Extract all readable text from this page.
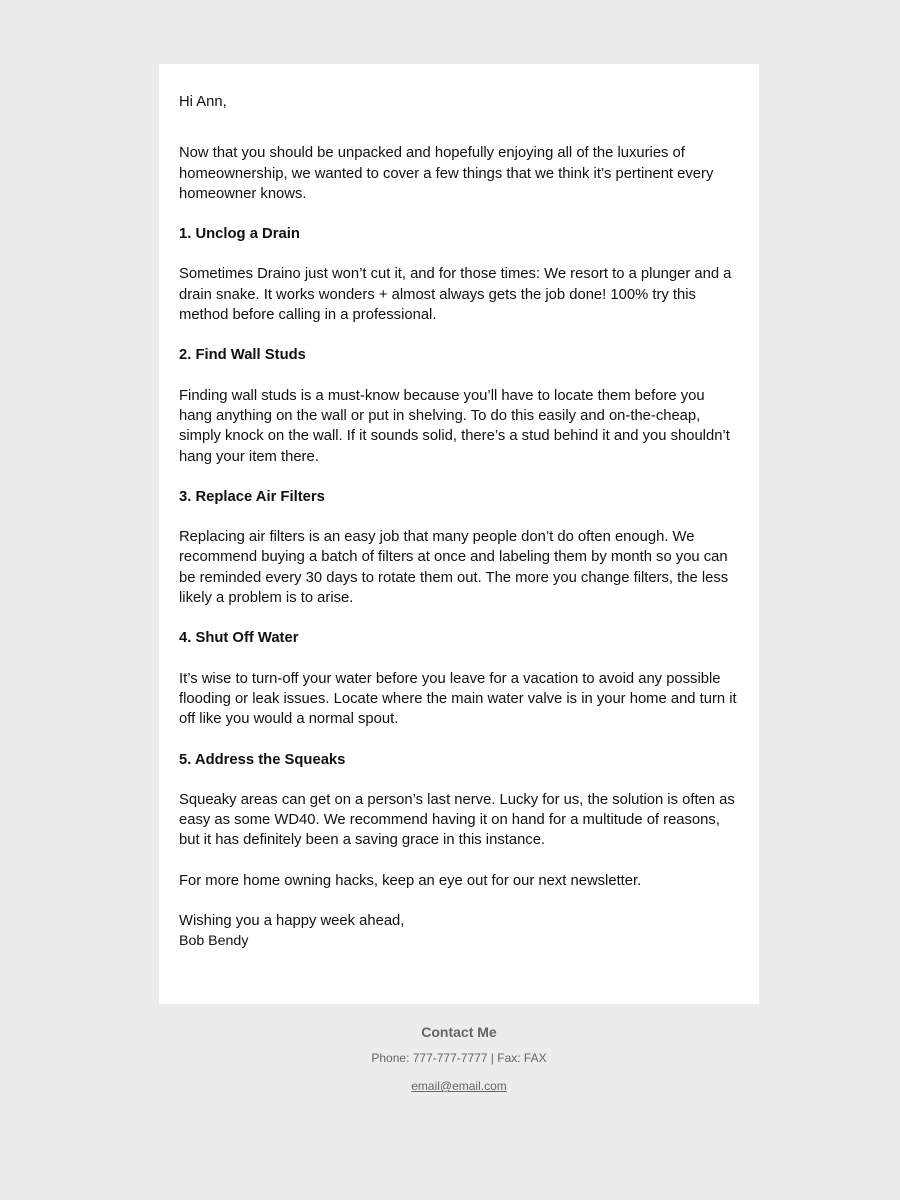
Hi Ann,

Now that you should be unpacked and hopefully enjoying all of the luxuries of homeownership, we wanted to cover a few things that we think it’s pertinent every homeowner knows.

1. Unclog a Drain

Sometimes Draino just won’t cut it, and for those times: We resort to a plunger and a drain snake. It works wonders + almost always gets the job done! 100% try this method before calling in a professional.

2. Find Wall Studs

Finding wall studs is a must-know because you’ll have to locate them before you hang anything on the wall or put in shelving. To do this easily and on-the-cheap, simply knock on the wall. If it sounds solid, there’s a stud behind it and you shouldn’t hang your item there.

3. Replace Air Filters

Replacing air filters is an easy job that many people don’t do often enough. We recommend buying a batch of filters at once and labeling them by month so you can be reminded every 30 days to rotate them out. The more you change filters, the less likely a problem is to arise.

4. Shut Off Water

It’s wise to turn-off your water before you leave for a vacation to avoid any possible flooding or leak issues. Locate where the main water valve is in your home and turn it off like you would a normal spout.

5. Address the Squeaks

Squeaky areas can get on a person’s last nerve. Lucky for us, the solution is often as easy as some WD40. We recommend having it on hand for a multitude of reasons, but it has definitely been a saving grace in this instance.

For more home owning hacks, keep an eye out for our next newsletter.

Wishing you a happy week ahead,

Bob Bendy

Contact Me

Phone: 777-777-7777 | Fax: FAX

email@email.com
